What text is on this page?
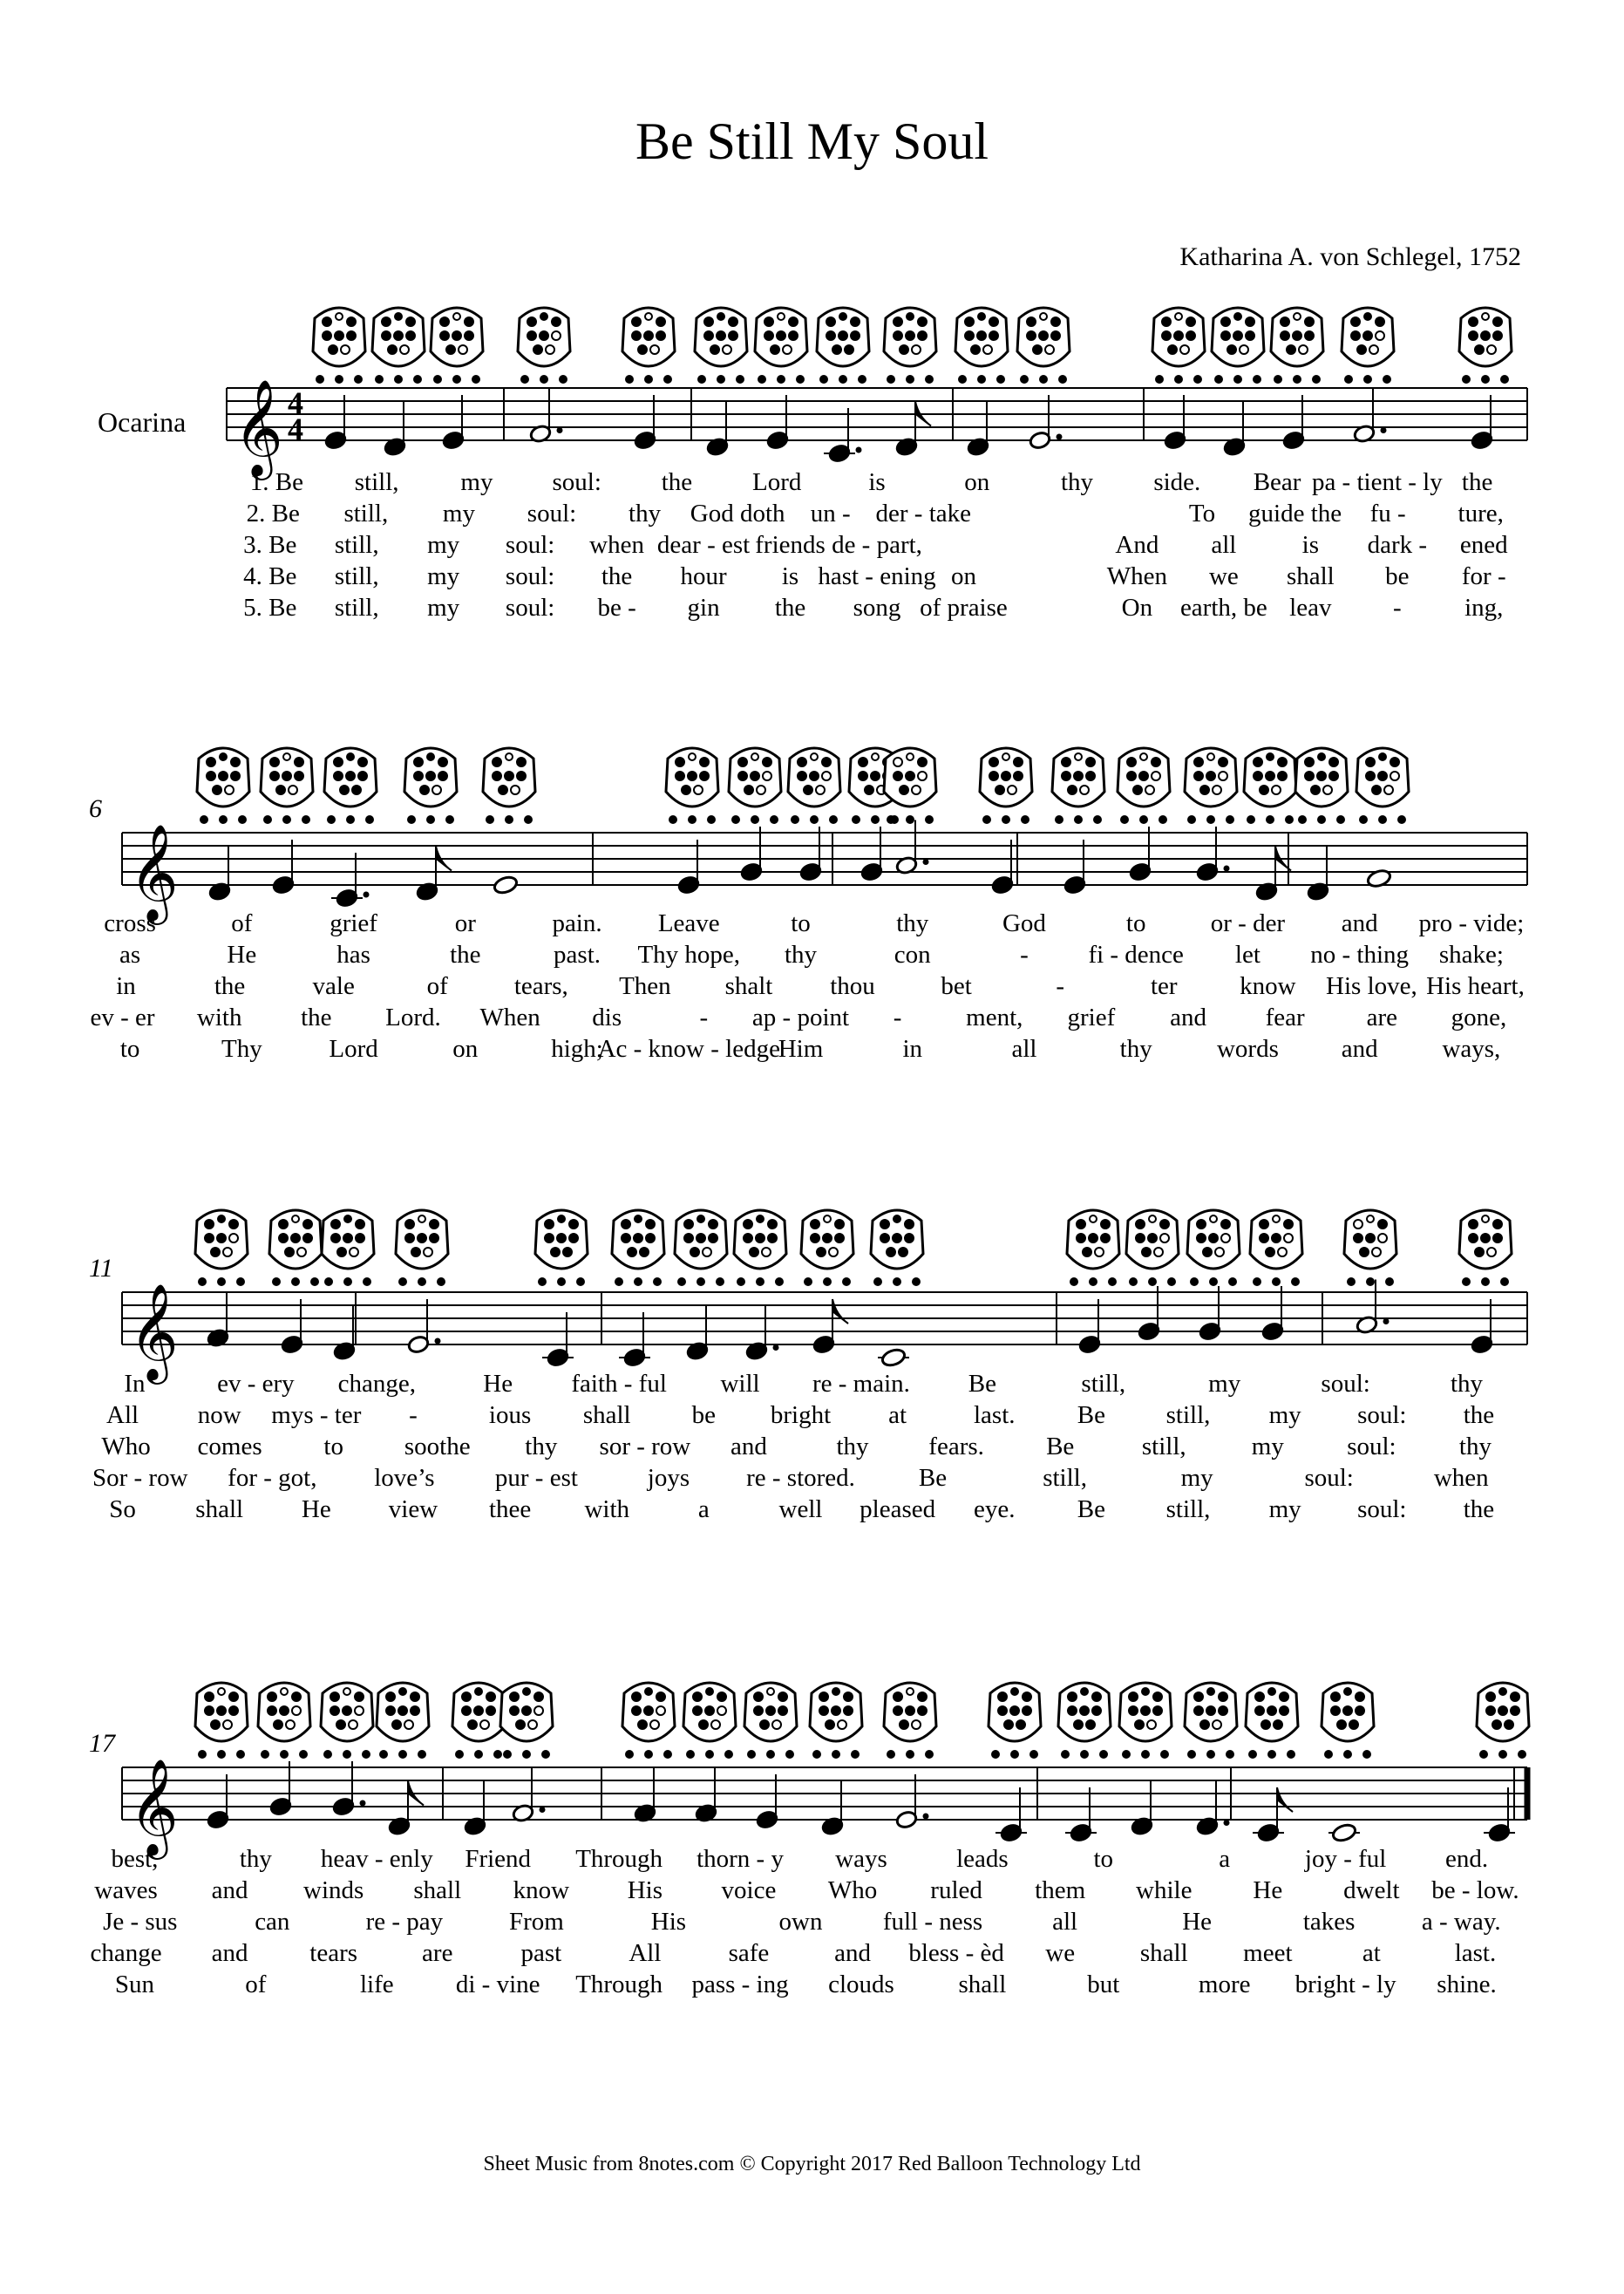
Be Still My Soul
Katharina A. von Schlegel, 1752
Ocarina 𝄞 4
4
1. Be still, my soul: the Lord	is	on	thy side. Bear pa - tient - ly the
2. Be still, my soul: thy God doth un - der - take	To guide the fu - ture,
3. Be still, my soul: when dear - est friends de - part,	And all	is dark - ened
4. Be still, my soul: the hour is hast - ening on	When we shall be for -
5. Be still, my soul: be - gin the song of praise	On earth, be leav - ing,
𝄞
6
cross	of	grief	or	pain. Leave	to	thy	God	to	or - der and pro - vide;
as	He	has	the	past. Thy hope, thy	con	- fi - dence let no - thing shake;
in	the	vale	of	tears, Then shalt thou	bet	-	ter know His love, His heart,
ev - er with the Lord. When dis	- ap - point -	ment, grief and fear are gone,
to	Thy	Lord	on	high;
Ac - know - ledge
Him	in	all	thy	words and	ways,
𝄞
11
In	ev - ery change,	He faith - ful will re - main. Be	still,	my	soul:	thy
All now mys - ter -	ious shall be bright at	last. Be still, my soul: the
Who comes to soothe thy sor - row and	thy fears. Be	still,	my soul: thy
Sor - row for - got, love’s pur - est	joys re - stored.	Be	still,	my	soul:	when
So shall He view thee with	a	well pleased eye. Be still, my soul: the
𝄞
17
best,	thy heav - enly Friend Through thorn - y ways	leads	to	a	joy - ful end.
waves and winds shall know His voice Who ruled them while He dwelt be - low.
Je - sus	can	re - pay	From	His	own full - ness	all	He	takes	a - way.
change and tears	are	past	All	safe	and bless - èd we	shall meet	at	last.
Sun	of	life di - vine Through pass - ing clouds	shall	but	more bright - ly shine.
Sheet Music from 8notes.com © Copyright 2017 Red Balloon Technology Ltd
